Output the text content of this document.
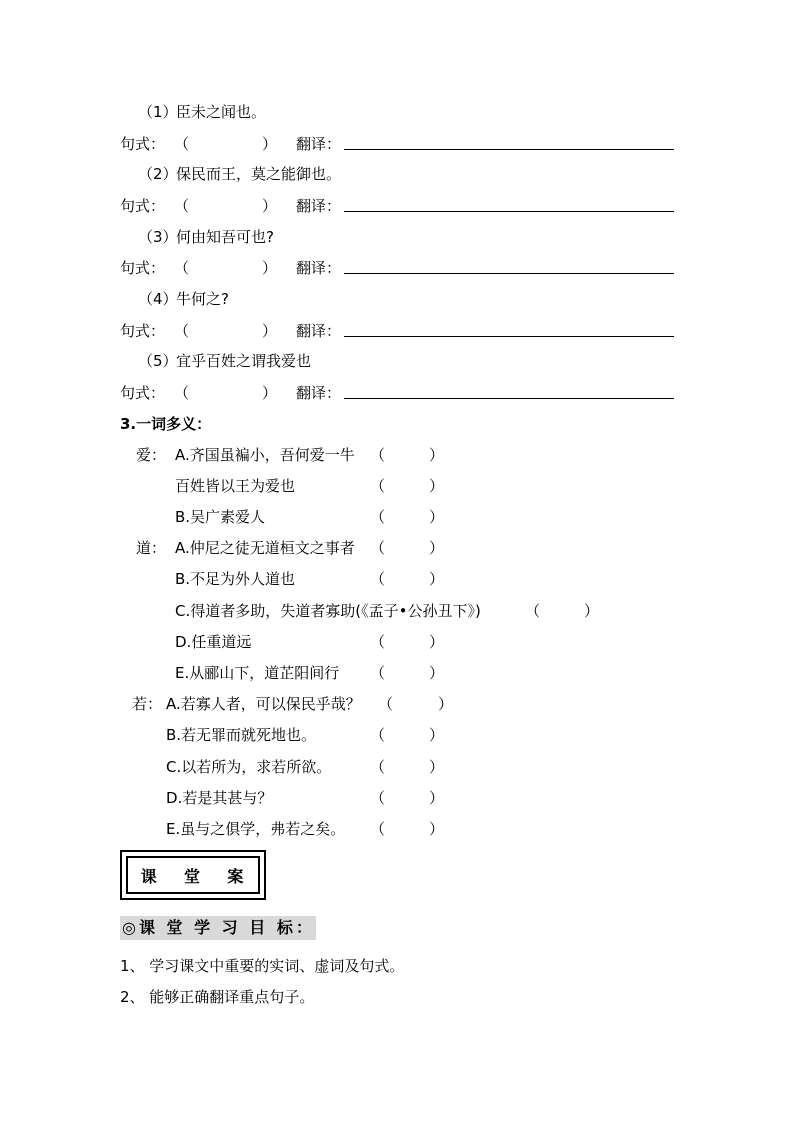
（1）
臣未之闻也。
句式： （	） 翻译：
（2）
保民而王，莫之能御也。
句式： （	） 翻译：
（3）
何由知吾可也?
句式： （	） 翻译：
（4）
牛何之?
句式： （	） 翻译：
（5）
宜乎百姓之谓我爱也
句式： （	） 翻译：
3.一词多义：
爱： A.齐国虽褊小，吾何爱一牛 （	）
百姓皆以王为爱也	（	）
B.吴广素爱人	（	）
道： A.仲尼之徒无道桓文之事者 （	）
B.不足为外人道也	（	）
C.得道者多助，失道者寡助(《孟子•公孙丑下》)	（	）
D.任重道远	（	）
E.从郦山下，道芷阳间行 （	）
若： A.若寡人者，可以保民乎哉？ （	）
B.若无罪而就死地也。	（	）
C.以若所为，求若所欲。	（	）
D.若是其甚与？	（	）
E.虽与之俱学，弗若之矣。 （	）
课 堂 案
◎课 堂 学 习 目 标：
1、 学习课文中重要的实词、虚词及句式。
2、 能够正确翻译重点句子。
